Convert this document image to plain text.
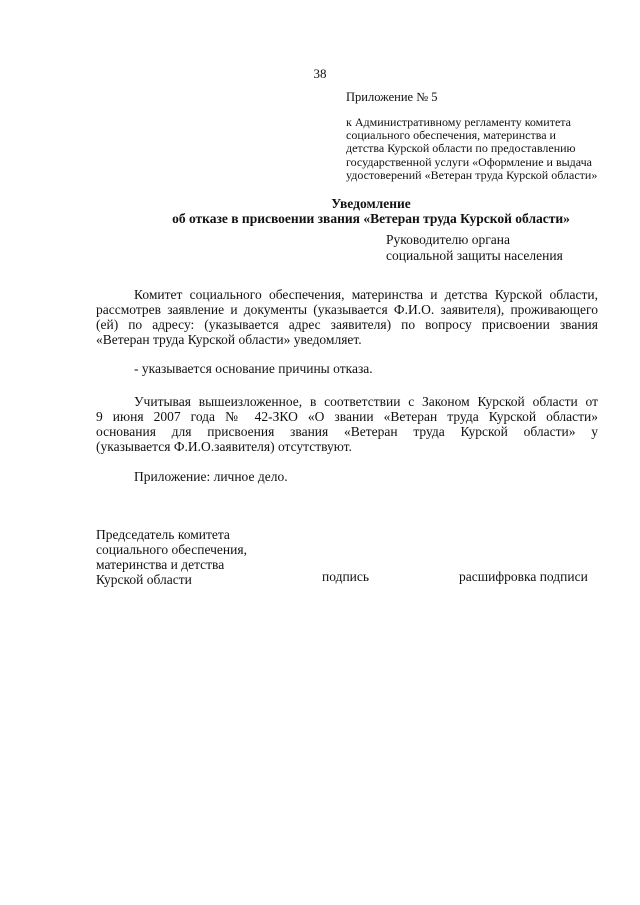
38
Приложение № 5
к Административному регламенту комитета
социального обеспечения, материнства и
детства Курской области по предоставлению
государственной услуги «Оформление и выдача
удостоверений «Ветеран труда Курской области»
Уведомление
об отказе в присвоении звания «Ветеран труда Курской области»
Руководителю органа
социальной защиты населения
Комитет социального обеспечения, материнства и детства Курской области,
рассмотрев заявление и документы (указывается Ф.И.О. заявителя), проживающего
(ей) по адресу: (указывается адрес заявителя) по вопросу присвоении звания
«Ветеран труда Курской области» уведомляет.
- указывается основание причины отказа.
Учитывая вышеизложенное, в соответствии с Законом Курской области от
9 июня 2007 года № 42-ЗКО «О звании «Ветеран труда Курской области»
основания для присвоения звания «Ветеран труда Курской области» у
(указывается Ф.И.О.заявителя) отсутствуют.
Приложение: личное дело.
Председатель комитета
социального обеспечения,
материнства и детства
Курской области	подпись	расшифровка подписи
